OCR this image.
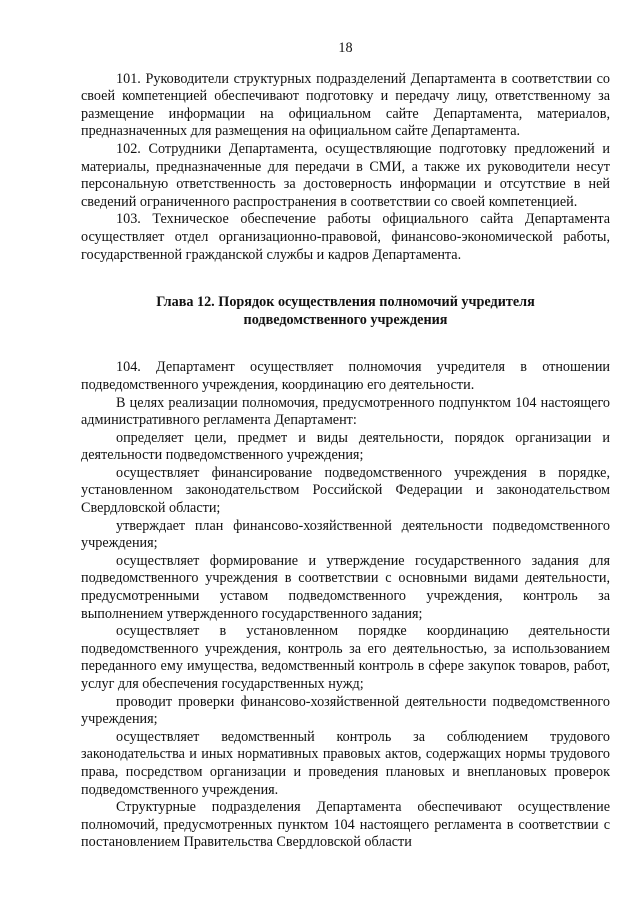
18

101. Руководители структурных подразделений Департамента в соответствии со своей компетенцией обеспечивают подготовку и передачу лицу, ответственному за размещение информации на официальном сайте Департамента, материалов, предназначенных для размещения на официальном сайте Департамента.

102. Сотрудники Департамента, осуществляющие подготовку предложений и материалы, предназначенные для передачи в СМИ, а также их руководители несут персональную ответственность за достоверность информации и отсутствие в ней сведений ограниченного распространения в соответствии со своей компетенцией.

103. Техническое обеспечение работы официального сайта Департамента осуществляет отдел организационно-правовой, финансово-экономической работы, государственной гражданской службы и кадров Департамента.

Глава 12. Порядок осуществления полномочий учредителя
подведомственного учреждения

104. Департамент осуществляет полномочия учредителя в отношении подведомственного учреждения, координацию его деятельности.

В целях реализации полномочия, предусмотренного подпунктом 104 настоящего административного регламента Департамент:

определяет цели, предмет и виды деятельности, порядок организации и деятельности подведомственного учреждения;

осуществляет финансирование подведомственного учреждения в порядке, установленном законодательством Российской Федерации и законодательством Свердловской области;

утверждает план финансово-хозяйственной деятельности подведомственного учреждения;

осуществляет формирование и утверждение государственного задания для подведомственного учреждения в соответствии с основными видами деятельности, предусмотренными уставом подведомственного учреждения, контроль за выполнением утвержденного государственного задания;

осуществляет в установленном порядке координацию деятельности подведомственного учреждения, контроль за его деятельностью, за использованием переданного ему имущества, ведомственный контроль в сфере закупок товаров, работ, услуг для обеспечения государственных нужд;

проводит проверки финансово-хозяйственной деятельности подведомственного учреждения;

осуществляет ведомственный контроль за соблюдением трудового законодательства и иных нормативных правовых актов, содержащих нормы трудового права, посредством организации и проведения плановых и внеплановых проверок подведомственного учреждения.

Структурные подразделения Департамента обеспечивают осуществление полномочий, предусмотренных пунктом 104 настоящего регламента в соответствии с постановлением Правительства Свердловской области
